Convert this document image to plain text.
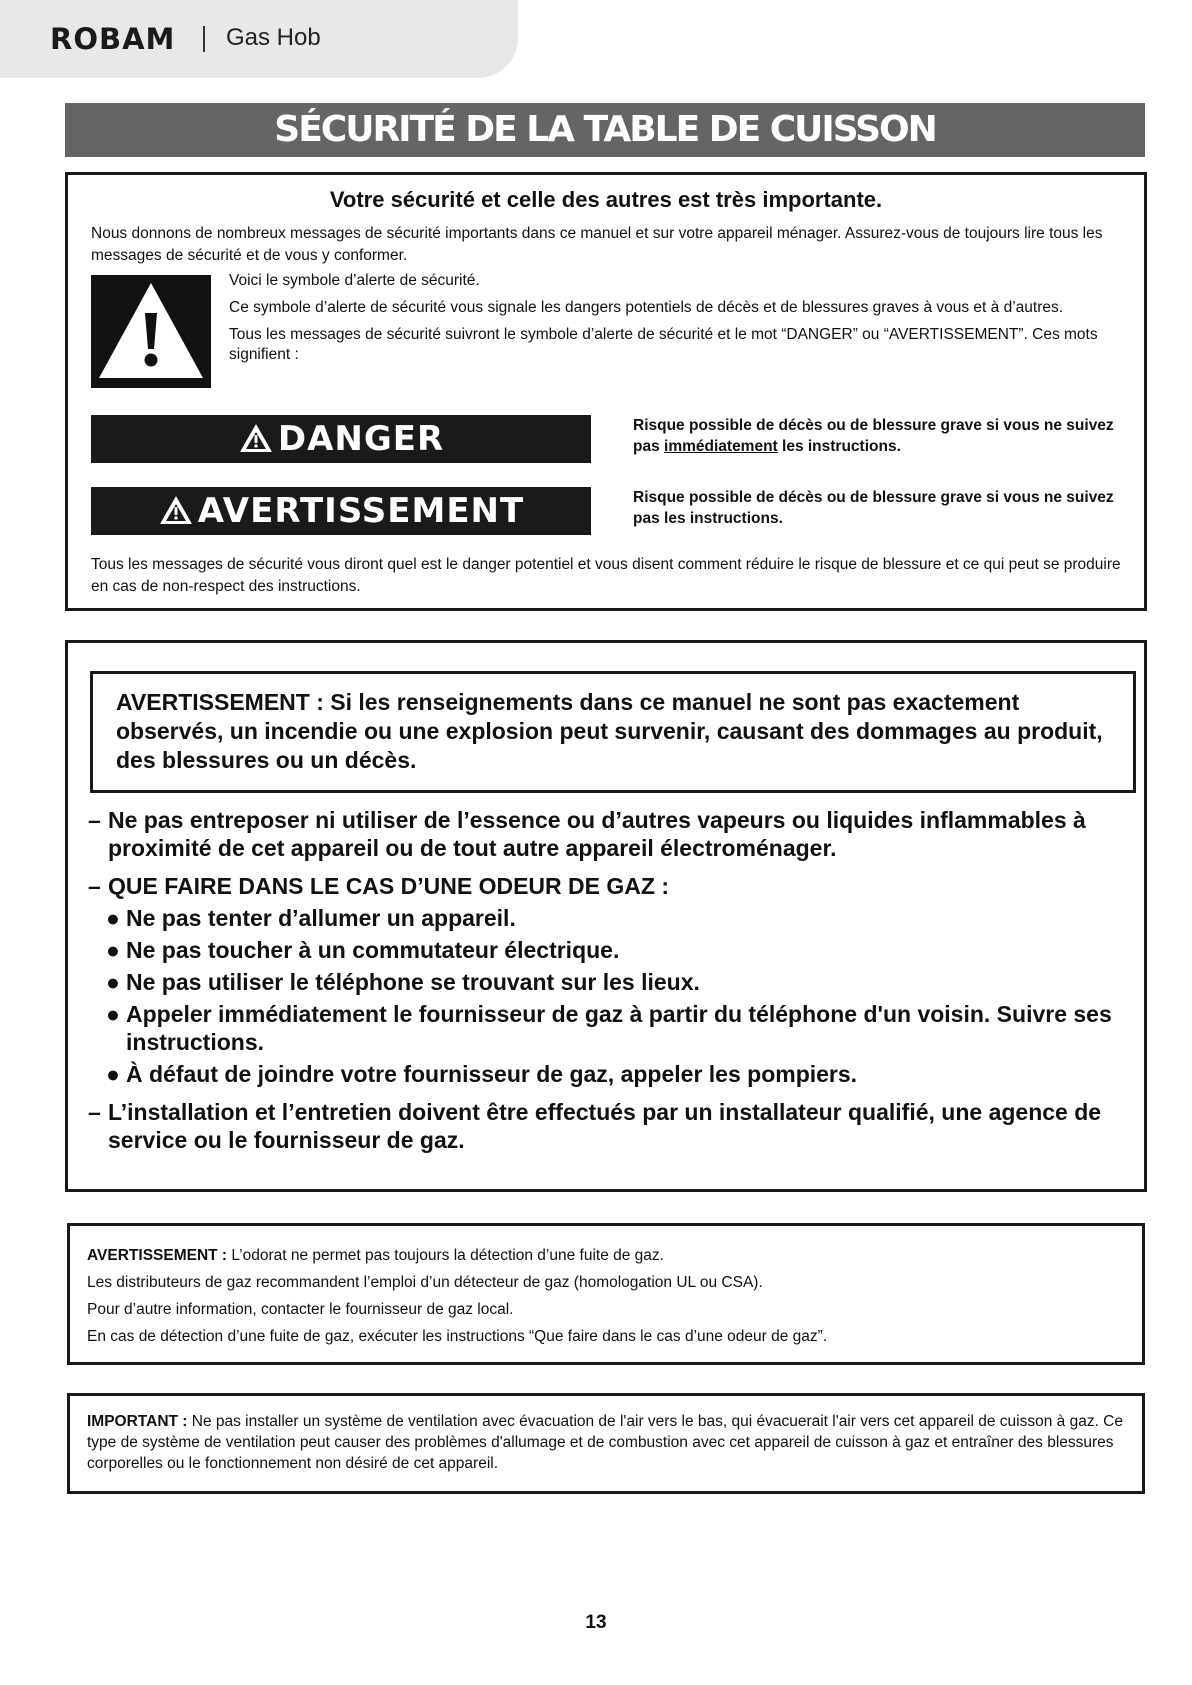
ROBAM Gas Hob
SÉCURITÉ DE LA TABLE DE CUISSON
Votre sécurité et celle des autres est très importante.
Nous donnons de nombreux messages de sécurité importants dans ce manuel et sur votre appareil ménager. Assurez-vous de toujours lire tous les messages de sécurité et de vous y conformer.

Voici le symbole d’alerte de sécurité.

Ce symbole d’alerte de sécurité vous signale les dangers potentiels de décès et de blessures graves à vous et à d’autres.

Tous les messages de sécurité suivront le symbole d’alerte de sécurité et le mot “DANGER” ou “AVERTISSEMENT”. Ces mots signifient :

DANGER	Risque possible de décès ou de blessure grave si vous ne suivez pas immédiatement les instructions.
AVERTISSEMENT	Risque possible de décès ou de blessure grave si vous ne suivez pas les instructions.
Tous les messages de sécurité vous diront quel est le danger potentiel et vous disent comment réduire le risque de blessure et ce qui peut se produire en cas de non-respect des instructions.
AVERTISSEMENT : Si les renseignements dans ce manuel ne sont pas exactement observés, un incendie ou une explosion peut survenir, causant des dommages au produit, des blessures ou un décès.
– Ne pas entreposer ni utiliser de l’essence ou d’autres vapeurs ou liquides inflammables à proximité de cet appareil ou de tout autre appareil électroménager.
– QUE FAIRE DANS LE CAS D’UNE ODEUR DE GAZ :
● Ne pas tenter d’allumer un appareil.
● Ne pas toucher à un commutateur électrique.
● Ne pas utiliser le téléphone se trouvant sur les lieux.
● Appeler immédiatement le fournisseur de gaz à partir du téléphone d'un voisin. Suivre ses instructions.
● À défaut de joindre votre fournisseur de gaz, appeler les pompiers.
– L’installation et l’entretien doivent être effectués par un installateur qualifié, une agence de service ou le fournisseur de gaz.
AVERTISSEMENT : L’odorat ne permet pas toujours la détection d’une fuite de gaz.
Les distributeurs de gaz recommandent l’emploi d’un détecteur de gaz (homologation UL ou CSA).
Pour d’autre information, contacter le fournisseur de gaz local.
En cas de détection d’une fuite de gaz, exécuter les instructions “Que faire dans le cas d’une odeur de gaz”.
IMPORTANT : Ne pas installer un système de ventilation avec évacuation de l'air vers le bas, qui évacuerait l'air vers cet appareil de cuisson à gaz. Ce type de système de ventilation peut causer des problèmes d'allumage et de combustion avec cet appareil de cuisson à gaz et entraîner des blessures corporelles ou le fonctionnement non désiré de cet appareil.
13
